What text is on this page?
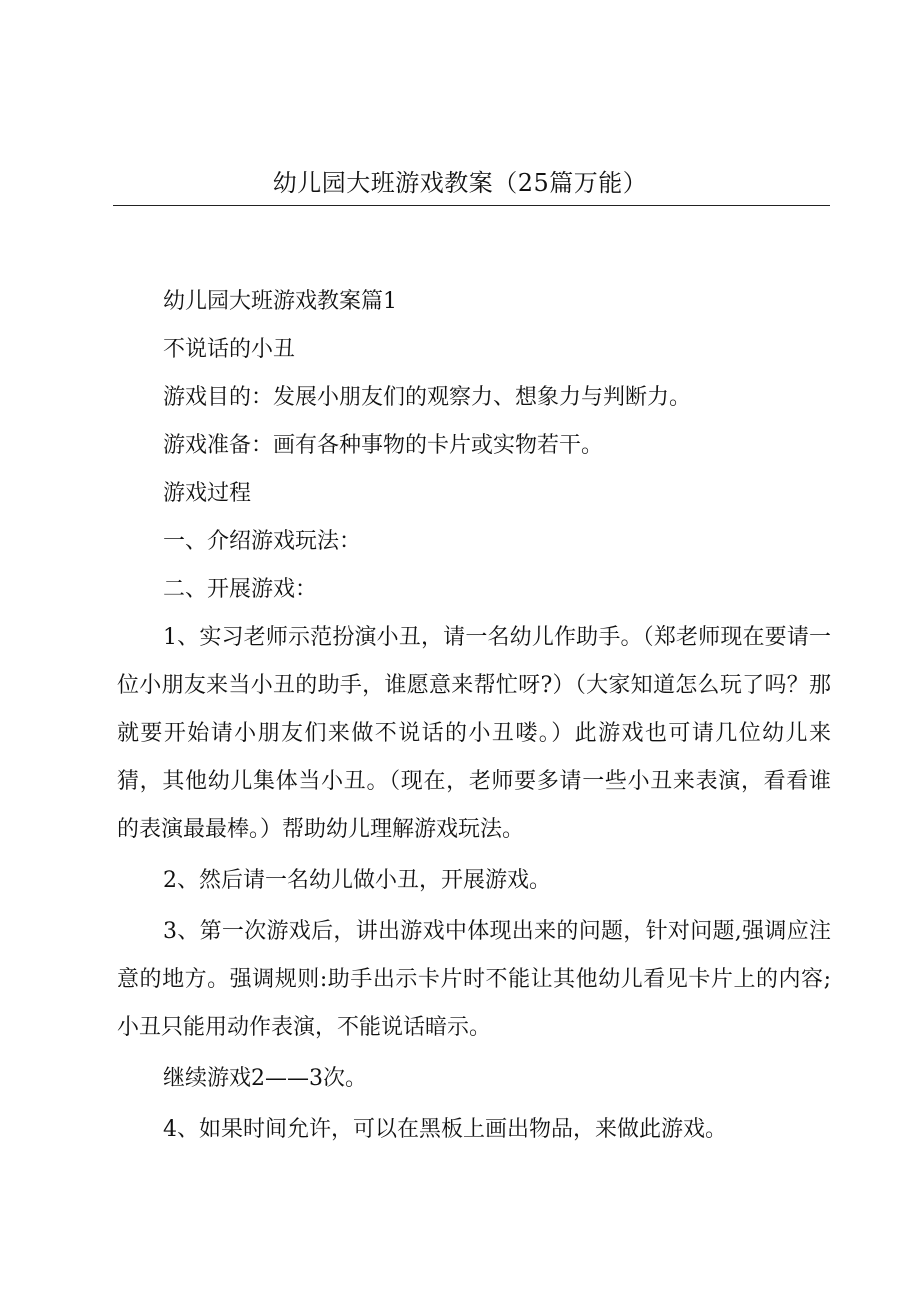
幼儿园大班游戏教案（25篇万能）

幼儿园大班游戏教案篇1

不说话的小丑

游戏目的：发展小朋友们的观察力、想象力与判断力。

游戏准备：画有各种事物的卡片或实物若干。

游戏过程

一、介绍游戏玩法：

二、开展游戏：

1、实习老师示范扮演小丑，请一名幼儿作助手。（郑老师现在要请一位小朋友来当小丑的助手，谁愿意来帮忙呀?）（大家知道怎么玩了吗？那就要开始请小朋友们来做不说话的小丑喽。）此游戏也可请几位幼儿来猜，其他幼儿集体当小丑。（现在，老师要多请一些小丑来表演，看看谁的表演最最棒。）帮助幼儿理解游戏玩法。

2、然后请一名幼儿做小丑，开展游戏。

3、第一次游戏后，讲出游戏中体现出来的问题，针对问题,强调应注意的地方。强调规则:助手出示卡片时不能让其他幼儿看见卡片上的内容;小丑只能用动作表演，不能说话暗示。

继续游戏2——3次。

4、如果时间允许，可以在黑板上画出物品，来做此游戏。
